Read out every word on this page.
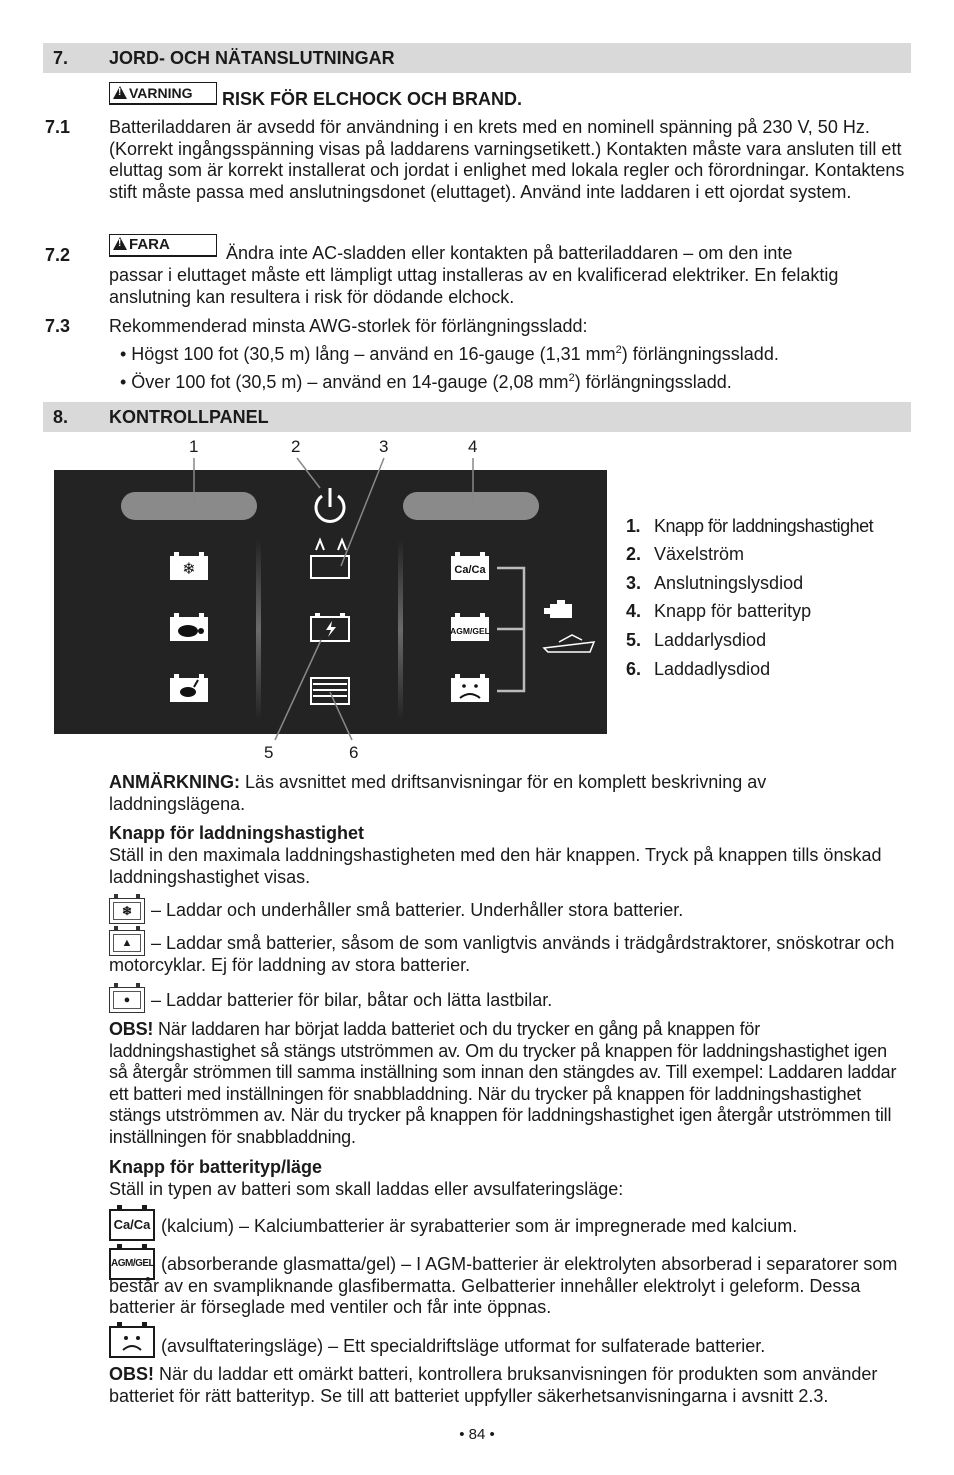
7. JORD- OCH NÄTANSLUTNINGAR
!VARNING	RISK FÖR ELCHOCK OCH BRAND.
7.1 Batteriladdaren är avsedd för användning i en krets med en nominell spänning på 230 V, 50 Hz. (Korrekt ingångsspänning visas på laddarens varningsetikett.) Kontakten måste vara ansluten till ett eluttag som är korrekt installerat och jordat i enlighet med lokala regler och förordningar. Kontaktens stift måste passa med anslutningsdonet (eluttaget). Använd inte laddaren i ett ojordat system.

7.2
!FARA	Ändra inte AC-sladden eller kontakten på batteriladdaren – om den inte

passar i eluttaget måste ett lämpligt uttag installeras av en kvalificerad elektriker. En felaktig anslutning kan resultera i risk för dödande elchock.

7.3 Rekommenderad minsta AWG-storlek för förlängningssladd:

• Högst 100 fot (30,5 m) lång – använd en 16-gauge (1,31 $mm^2$) förlängningssladd.
• Över 100 fot (30,5 m) – använd en 14-gauge (2,08 $mm^2$) förlängningssladd.
8. KONTROLLPANEL
1	2	3	4
5	6
❄	Ca/Ca
AGM/GEL
1. Knapp för laddningshastighet
2. Växelström
3. Anslutningslysdiod
4. Knapp för batterityp
5. Laddarlysdiod
6. Laddadlysdiod

ANMÄRKNING: Läs avsnittet med driftsanvisningar för en komplett beskrivning av laddningslägena.

Knapp för laddningshastighet

Ställ in den maximala laddningshastigheten med den här knappen. Tryck på knappen tills önskad laddningshastighet visas.

❄	– Laddar och underhåller små batterier. Underhåller stora batterier.
▲	– Laddar små batterier, såsom de som vanligtvis används i trädgårdstraktorer, snöskotrar och motorcyklar. Ej för laddning av stora batterier.

●	– Laddar batterier för bilar, båtar och lätta lastbilar.

OBS! När laddaren har börjat ladda batteriet och du trycker en gång på knappen för laddningshastighet så stängs utströmmen av. Om du trycker på knappen för laddningshastighet igen så återgår strömmen till samma inställning som innan den stängdes av. Till exempel: Laddaren laddar ett batteri med inställningen för snabbladdning. När du trycker på knappen för laddningshastighet stängs utströmmen av. När du trycker på knappen för laddningshastighet igen återgår utströmmen till inställningen för snabbladdning.

Knapp för batterityp/läge

Ställ in typen av batteri som skall laddas eller avsulfateringsläge:

Ca/Ca (kalcium) – Kalciumbatterier är syrabatterier som är impregnerade med kalcium.
AGM/GEL (absorberande glasmatta/gel) – I AGM-batterier är elektrolyten absorberad i separatorer som består av en svampliknande glasfibermatta. Gelbatterier innehåller elektrolyt i geleform. Dessa batterier är förseglade med ventiler och får inte öppnas.

(avsulftateringsläge) – Ett specialdriftsläge utformat for sulfaterade batterier.

OBS! När du laddar ett omärkt batteri, kontrollera bruksanvisningen för produkten som använder batteriet för rätt batterityp. Se till att batteriet uppfyller säkerhetsanvisningarna i avsnitt 2.3.

• 84 •
